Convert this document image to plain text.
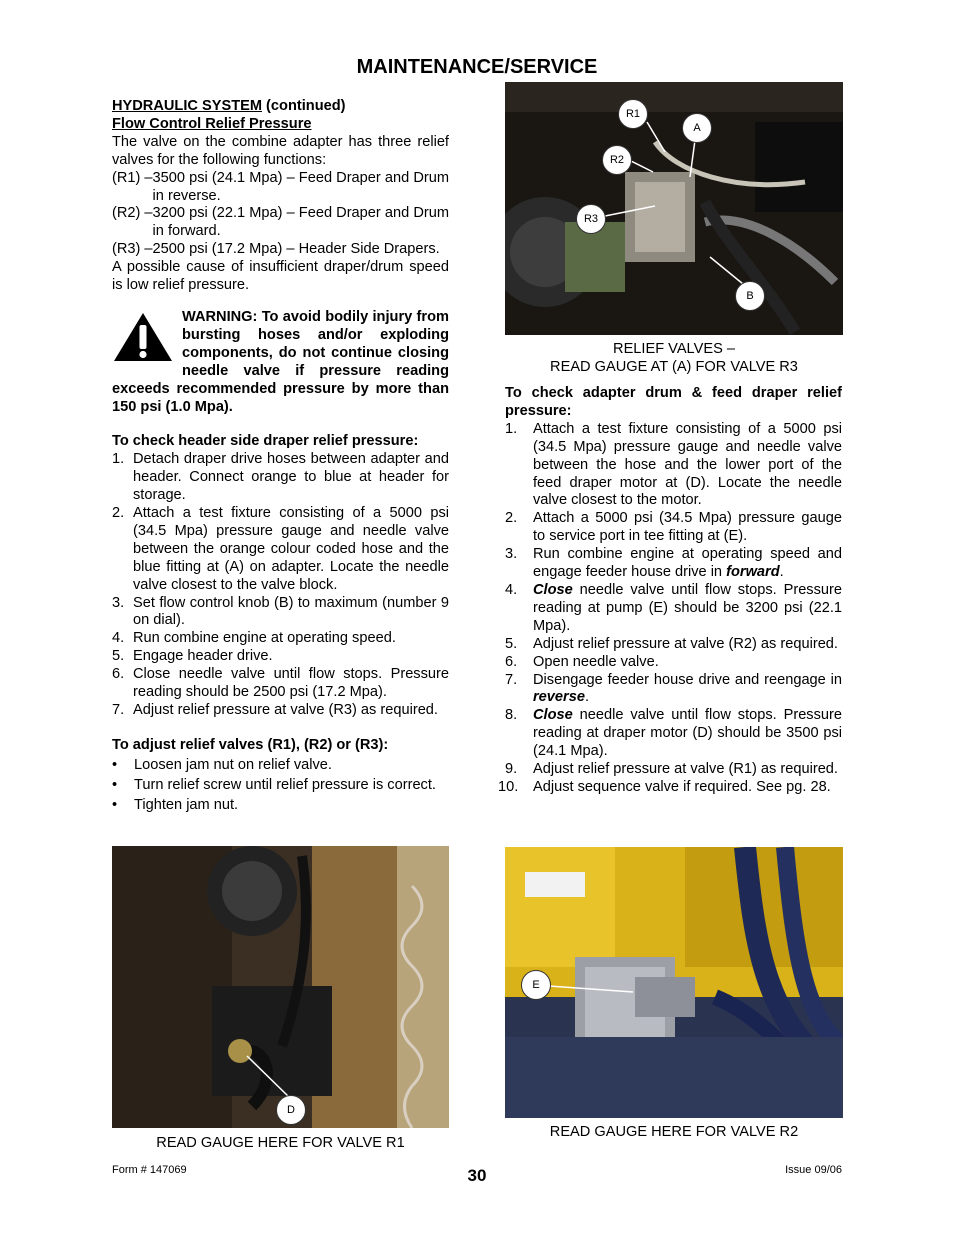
MAINTENANCE/SERVICE

HYDRAULIC SYSTEM (continued)

Flow Control Relief Pressure

The valve on the combine adapter has three relief valves for the following functions:

(R1) – 3500 psi (24.1 Mpa) – Feed Draper and Drum in reverse.
(R2) – 3200 psi (22.1 Mpa) – Feed Draper and Drum in forward.
(R3) – 2500 psi (17.2 Mpa) – Header Side Drapers.

A possible cause of insufficient draper/drum speed is low relief pressure.

WARNING: To avoid bodily injury from bursting hoses and/or exploding components, do not continue closing needle valve if pressure reading exceeds recommended pressure by more than 150 psi (1.0 Mpa).

To check header side draper relief pressure:

1. Detach draper drive hoses between adapter and header. Connect orange to blue at header for storage.
2. Attach a test fixture consisting of a 5000 psi (34.5 Mpa) pressure gauge and needle valve between the orange colour coded hose and the blue fitting at (A) on adapter. Locate the needle valve closest to the valve block.
3. Set flow control knob (B) to maximum (number 9 on dial).
4. Run combine engine at operating speed.
5. Engage header drive.
6. Close needle valve until flow stops. Pressure reading should be 2500 psi (17.2 Mpa).
7. Adjust relief pressure at valve (R3) as required.

To adjust relief valves (R1), (R2) or (R3):

•	Loosen jam nut on relief valve.
•	Turn relief screw until relief pressure is correct.
•	Tighten jam nut.
D
READ GAUGE HERE FOR VALVE R1
R1
A
R2
R3
B
RELIEF VALVES –
READ GAUGE AT (A) FOR VALVE R3

To check adapter drum & feed draper relief pressure:

1.	Attach a test fixture consisting of a 5000 psi (34.5 Mpa) pressure gauge and needle valve between the hose and the lower port of the feed draper motor at (D). Locate the needle valve closest to the motor.
2.	Attach a 5000 psi (34.5 Mpa) pressure gauge to service port in tee fitting at (E).
3.	Run combine engine at operating speed and engage feeder house drive in forward.
4.	Close needle valve until flow stops. Pressure reading at pump (E) should be 3200 psi (22.1 Mpa).
5.	Adjust relief pressure at valve (R2) as required.
6.	Open needle valve.
7.	Disengage feeder house drive and reengage in reverse.
8.	Close needle valve until flow stops. Pressure reading at draper motor (D) should be 3500 psi (24.1 Mpa).
9.	Adjust relief pressure at valve (R1) as required.
10.	Adjust sequence valve if required. See pg. 28.
E
READ GAUGE HERE FOR VALVE R2
Form # 147069	30	Issue 09/06
